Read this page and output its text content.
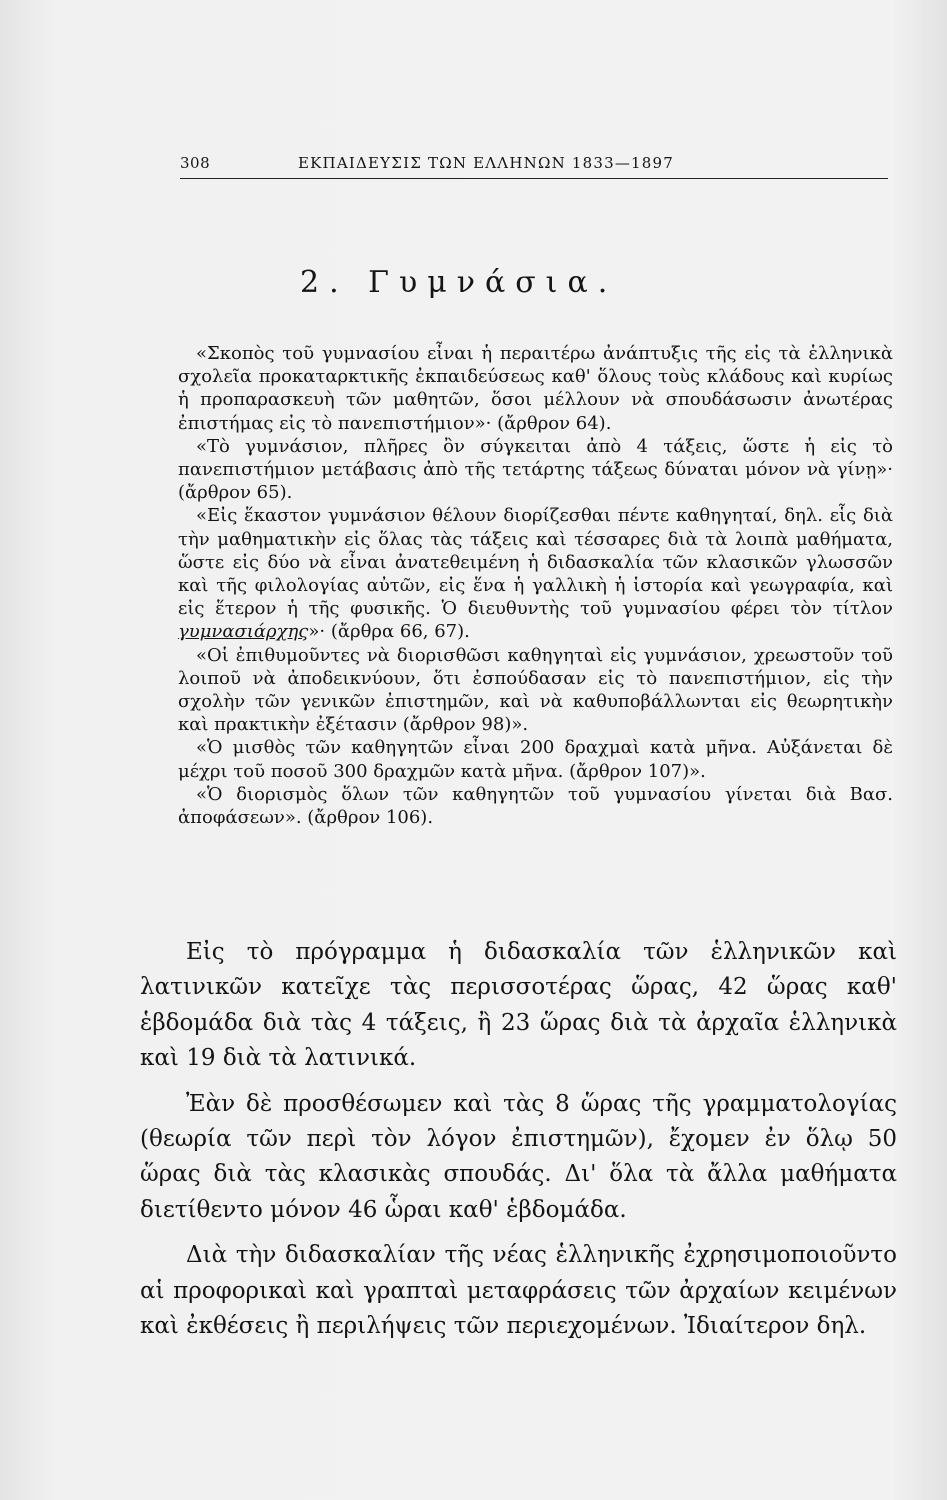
308	ΕΚΠΑΙΔΕΥΣΙΣ ΤΩΝ ΕΛΛΗΝΩΝ 1833—1897
2. Γυμνάσια.

«Σκοπὸς τοῦ γυμνασίου εἶναι ἡ περαιτέρω ἀνάπτυξις τῆς εἰς τὰ ἑλληνικὰ σχολεῖα προκαταρκτικῆς ἐκπαιδεύσεως καθ' ὅλους τοὺς κλάδους καὶ κυρίως ἡ προπαρασκευὴ τῶν μαθητῶν, ὅσοι μέλλουν νὰ σπουδάσωσιν ἀνωτέρας ἐπιστήμας εἰς τὸ πανεπιστήμιον»· (ἄρθρον 64).

«Τὸ γυμνάσιον, πλῆρες ὂν σύγκειται ἀπὸ 4 τάξεις, ὥστε ἡ εἰς τὸ πανεπιστήμιον μετάβασις ἀπὸ τῆς τετάρτης τάξεως δύναται μόνον νὰ γίνῃ»· (ἄρθρον 65).

«Εἰς ἕκαστον γυμνάσιον θέλουν διορίζεσθαι πέντε καθηγηταί, δηλ. εἷς διὰ τὴν μαθηματικὴν εἰς ὅλας τὰς τάξεις καὶ τέσσαρες διὰ τὰ λοιπὰ μαθήματα, ὥστε εἰς δύο νὰ εἶναι ἀνατεθειμένη ἡ διδασκαλία τῶν κλασικῶν γλωσσῶν καὶ τῆς φιλολογίας αὐτῶν, εἰς ἕνα ἡ γαλλικὴ ἡ ἱστορία καὶ γεωγραφία, καὶ εἰς ἕτερον ἡ τῆς φυσικῆς. Ὁ διευθυντὴς τοῦ γυμνασίου φέρει τὸν τίτλον γυμνασιάρχης»· (ἄρθρα 66, 67).

«Οἱ ἐπιθυμοῦντες νὰ διορισθῶσι καθηγηταὶ εἰς γυμνάσιον, χρεωστοῦν τοῦ λοιποῦ νὰ ἀποδεικνύουν, ὅτι ἐσπούδασαν εἰς τὸ πανεπιστήμιον, εἰς τὴν σχολὴν τῶν γενικῶν ἐπιστημῶν, καὶ νὰ καθυποβάλλωνται εἰς θεωρητικὴν καὶ πρακτικὴν ἐξέτασιν (ἄρθρον 98)».

«Ὁ μισθὸς τῶν καθηγητῶν εἶναι 200 δραχμαὶ κατὰ μῆνα. Αὐξάνεται δὲ μέχρι τοῦ ποσοῦ 300 δραχμῶν κατὰ μῆνα. (ἄρθρον 107)».

«Ὁ διορισμὸς ὅλων τῶν καθηγητῶν τοῦ γυμνασίου γίνεται διὰ Βασ. ἀποφάσεων». (ἄρθρον 106).

Εἰς τὸ πρόγραμμα ἡ διδασκαλία τῶν ἑλληνικῶν καὶ λατινικῶν κατεῖχε τὰς περισσοτέρας ὥρας, 42 ὥρας καθ' ἑβδομάδα διὰ τὰς 4 τάξεις, ἢ 23 ὥρας διὰ τὰ ἀρχαῖα ἑλληνικὰ καὶ 19 διὰ τὰ λατινικά.

Ἐὰν δὲ προσθέσωμεν καὶ τὰς 8 ὥρας τῆς γραμματολογίας (θεωρία τῶν περὶ τὸν λόγον ἐπιστημῶν), ἔχομεν ἐν ὅλῳ 50 ὥρας διὰ τὰς κλασικὰς σπουδάς. Δι' ὅλα τὰ ἄλλα μαθήματα διετίθεντο μόνον 46 ὧραι καθ' ἑβδομάδα.

Διὰ τὴν διδασκαλίαν τῆς νέας ἑλληνικῆς ἐχρησιμοποιοῦντο αἱ προφορικαὶ καὶ γραπταὶ μεταφράσεις τῶν ἀρχαίων κειμένων καὶ ἐκθέσεις ἢ περιλήψεις τῶν περιεχομένων. Ἰδιαίτερον δηλ.
